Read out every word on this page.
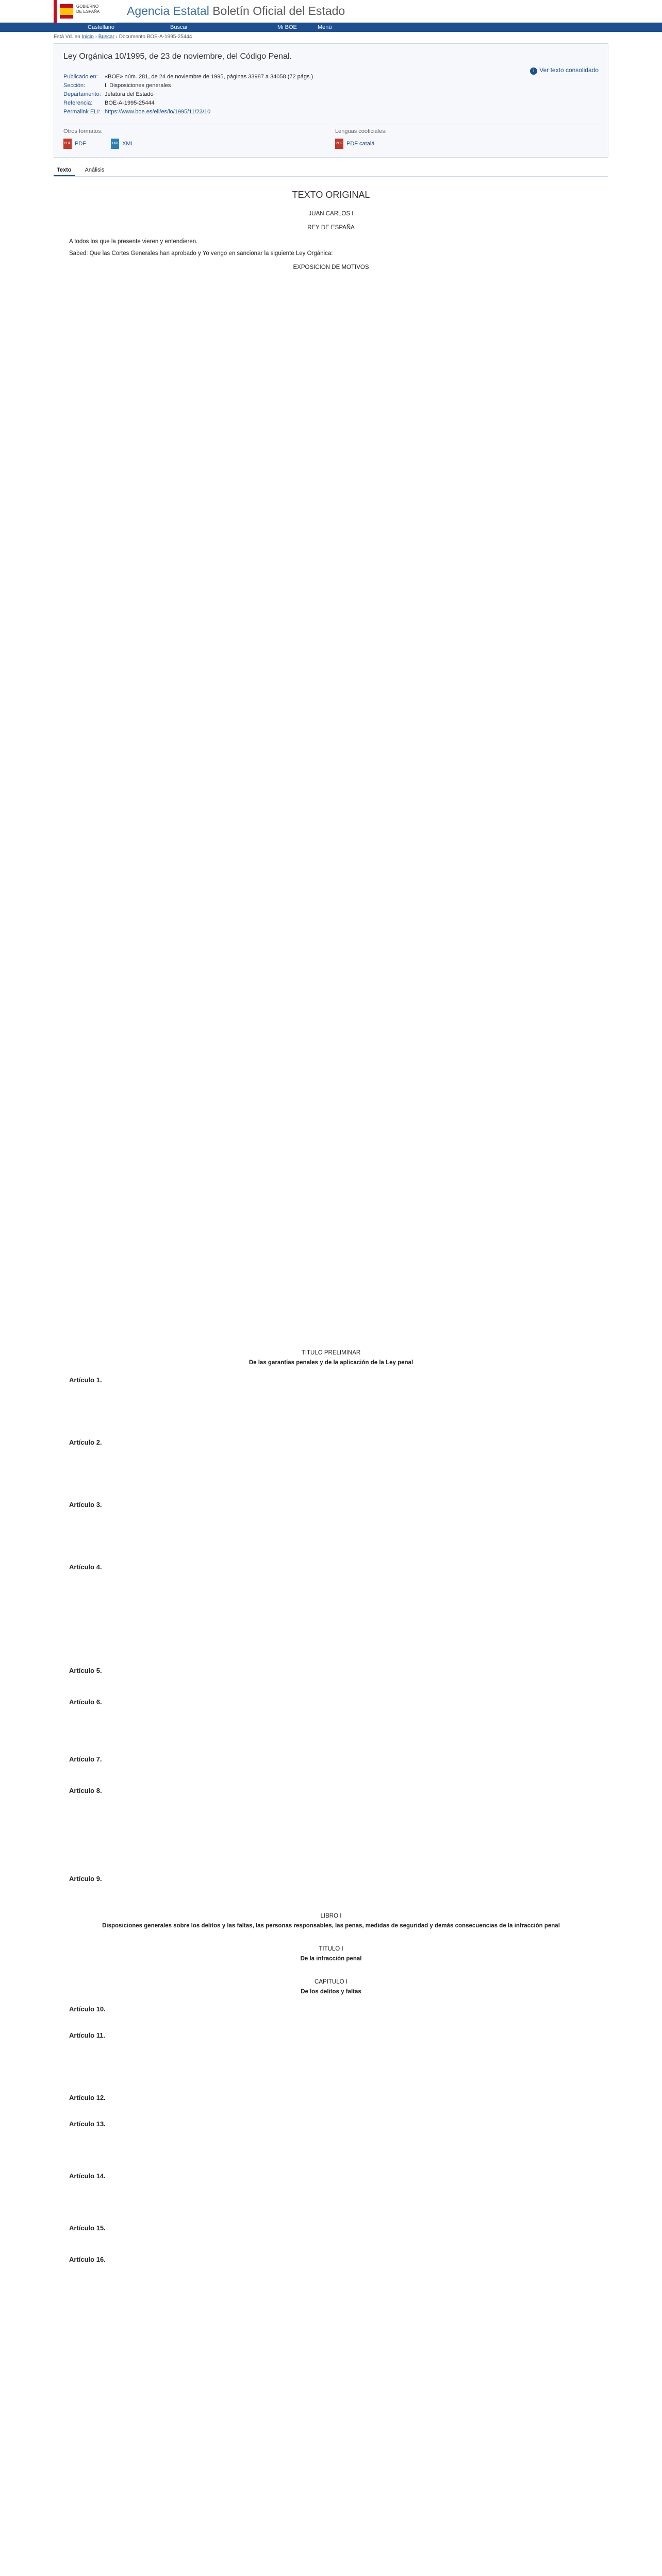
GOBIERNO
DE ESPAÑA Agencia Estatal Boletín Oficial del Estado
Castellano	Buscar	Mi BOE	Menú
Está Vd. en Inicio › Buscar › Documento BOE-A-1995-25444
Ley Orgánica 10/1995, de 23 de noviembre, del Código Penal.
i Ver texto consolidado
Publicado en:	«BOE» núm. 281, de 24 de noviembre de 1995, páginas 33987 a 34058 (72 págs.)
Sección:	I. Disposiciones generales
Departamento: Jefatura del Estado
Referencia:	BOE-A-1995-25444
Permalink ELI: https://www.boe.es/eli/es/lo/1995/11/23/10
Otros formatos:
PDF PDF	XML XML
Lenguas cooficiales:
PDF PDF catalá
Texto	Análisis
TEXTO ORIGINAL
JUAN CARLOS I
REY DE ESPAÑA

A todos los que la presente vieren y entendieren.

Sabed: Que las Cortes Generales han aprobado y Yo vengo en sancionar la siguiente Ley Orgánica:

EXPOSICION DE MOTIVOS
TITULO PRELIMINAR
De las garantías penales y de la aplicación de la Ley penal
Artículo 1.
Artículo 2.
Artículo 3.
Artículo 4.
Artículo 5.
Artículo 6.
Artículo 7.
Artículo 8.
Artículo 9.
LIBRO I
Disposiciones generales sobre los delitos y las faltas, las personas responsables, las penas, medidas de seguridad y demás consecuencias de la infracción penal
TITULO I
De la infracción penal
CAPITULO I
De los delitos y faltas
Artículo 10.
Artículo 11.
Artículo 12.
Artículo 13.
Artículo 14.
Artículo 15.
Artículo 16.
